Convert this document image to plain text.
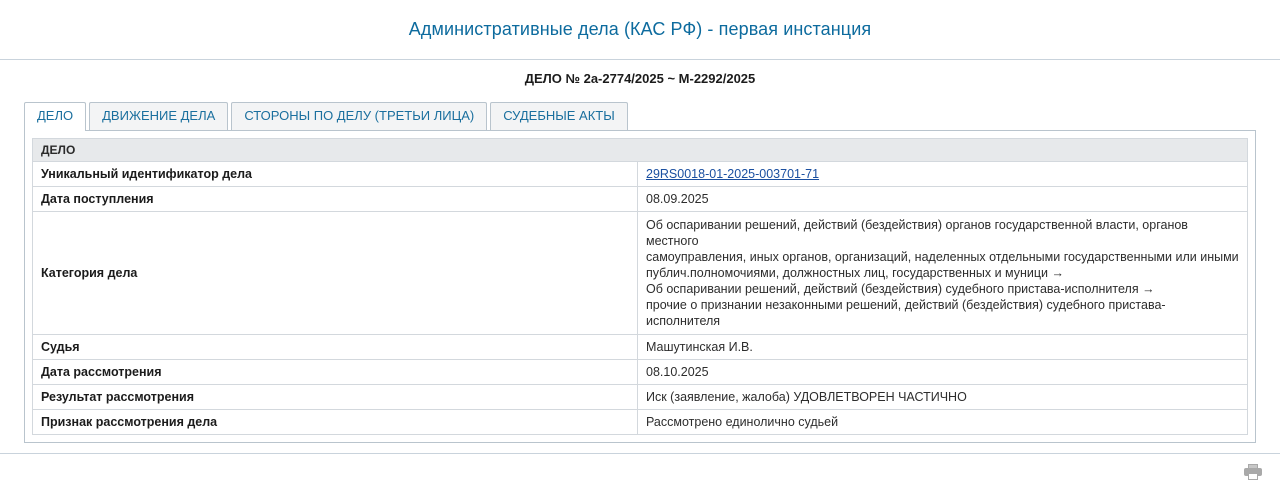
Административные дела (КАС РФ) - первая инстанция
ДЕЛО № 2а-2774/2025 ~ М-2292/2025
ДЕЛО	ДВИЖЕНИЕ ДЕЛА	СТОРОНЫ ПО ДЕЛУ (ТРЕТЬИ ЛИЦА)	СУДЕБНЫЕ АКТЫ
ДЕЛО	
Уникальный идентификатор дела	29RS0018-01-2025-003701-71
Дата поступления	08.09.2025
Категория дела	Об оспаривании решений, действий (бездействия) органов государственной власти, органов местного
самоуправления, иных органов, организаций, наделенных отдельными государственными или иными
публич.полномочиями, должностных лиц, государственных и муници →
Об оспаривании решений, действий (бездействия) судебного пристава-исполнителя →
прочие о признании незаконными решений, действий (бездействия) судебного пристава-исполнителя

Судья	Машутинская И.В.
Дата рассмотрения	08.10.2025
Результат рассмотрения	Иск (заявление, жалоба) УДОВЛЕТВОРЕН ЧАСТИЧНО
Признак рассмотрения дела	Рассмотрено единолично судьей
